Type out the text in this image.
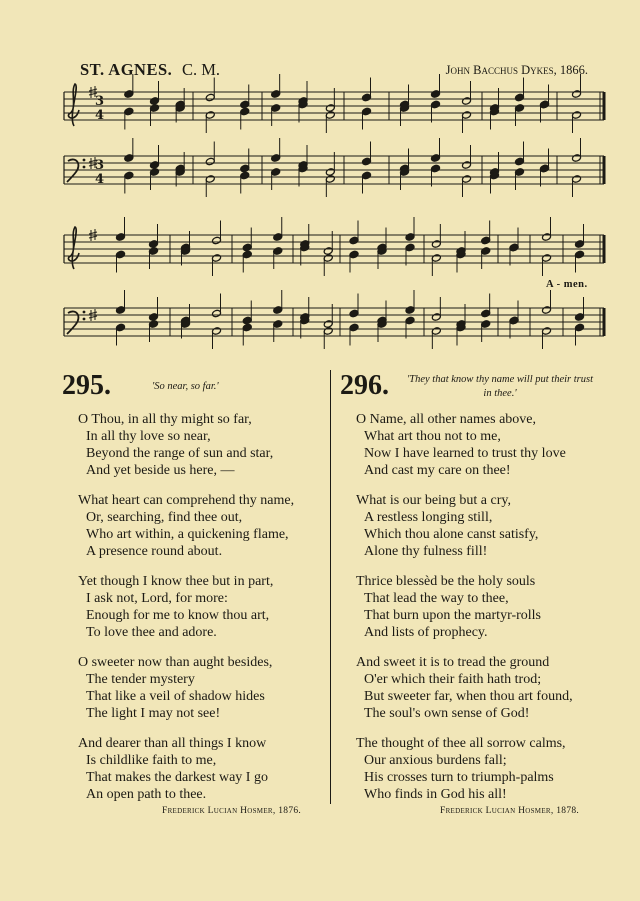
ST. AGNES. C. M.	John Bacchus Dykes, 1866.
3
4
3
4
A - men.
295.	'So near, so far.'
O Thou, in all thy might so far,
In all thy love so near,
Beyond the range of sun and star,
And yet beside us here, —
What heart can comprehend thy name,
Or, searching, find thee out,
Who art within, a quickening flame,
A presence round about.
Yet though I know thee but in part,
I ask not, Lord, for more:
Enough for me to know thou art,
To love thee and adore.
O sweeter now than aught besides,
The tender mystery
That like a veil of shadow hides
The light I may not see!
And dearer than all things I know
Is childlike faith to me,
That makes the darkest way I go
An open path to thee.
Frederick Lucian Hosmer, 1876.
296. 'They that know thy name will put their trust in thee.'
O Name, all other names above,
What art thou not to me,
Now I have learned to trust thy love
And cast my care on thee!
What is our being but a cry,
A restless longing still,
Which thou alone canst satisfy,
Alone thy fulness fill!
Thrice blessèd be the holy souls
That lead the way to thee,
That burn upon the martyr-rolls
And lists of prophecy.
And sweet it is to tread the ground
O'er which their faith hath trod;
But sweeter far, when thou art found,
The soul's own sense of God!
The thought of thee all sorrow calms,
Our anxious burdens fall;
His crosses turn to triumph-palms
Who finds in God his all!
Frederick Lucian Hosmer, 1878.
